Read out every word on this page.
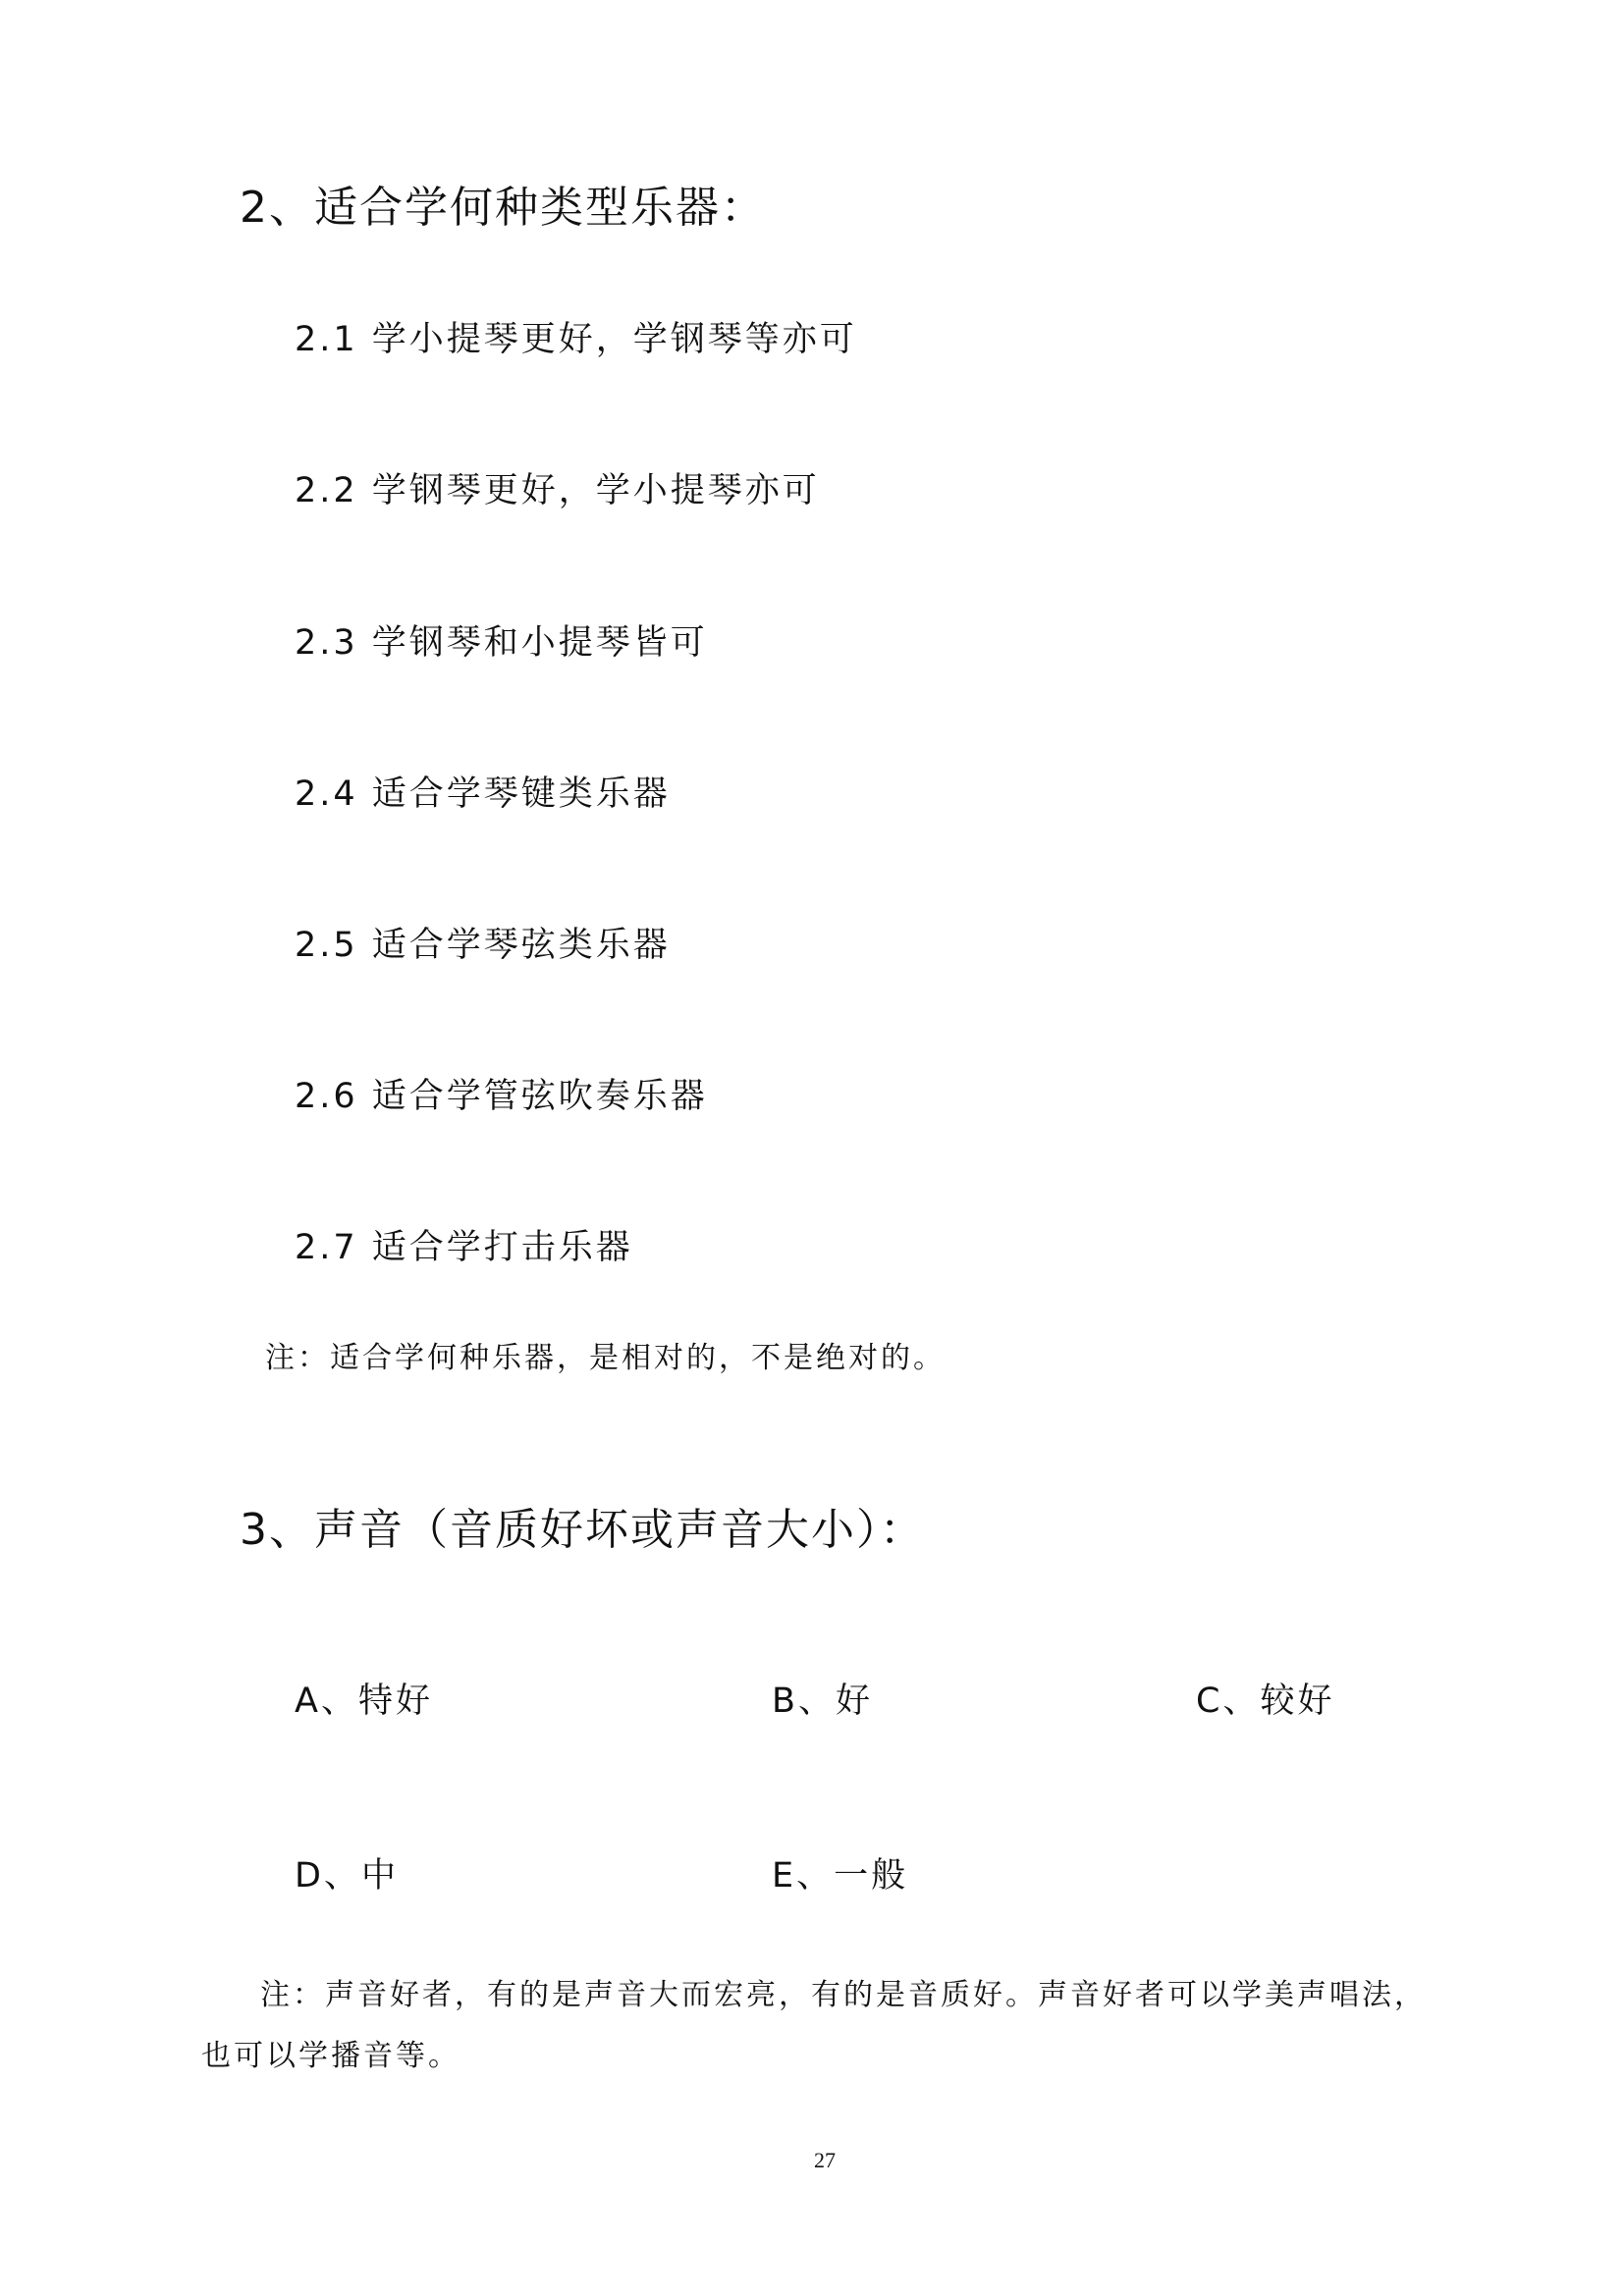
2、适合学何种类型乐器：
2.1 学小提琴更好，学钢琴等亦可
2.2 学钢琴更好，学小提琴亦可
2.3 学钢琴和小提琴皆可
2.4 适合学琴键类乐器
2.5 适合学琴弦类乐器
2.6 适合学管弦吹奏乐器
2.7 适合学打击乐器
注：适合学何种乐器，是相对的，不是绝对的。
3、声音（音质好坏或声音大小）：
A、特好	B、好	C、较好
D、中	E、一般
注：声音好者，有的是声音大而宏亮，有的是音质好。声音好者可以学美声唱法，
也可以学播音等。
27
